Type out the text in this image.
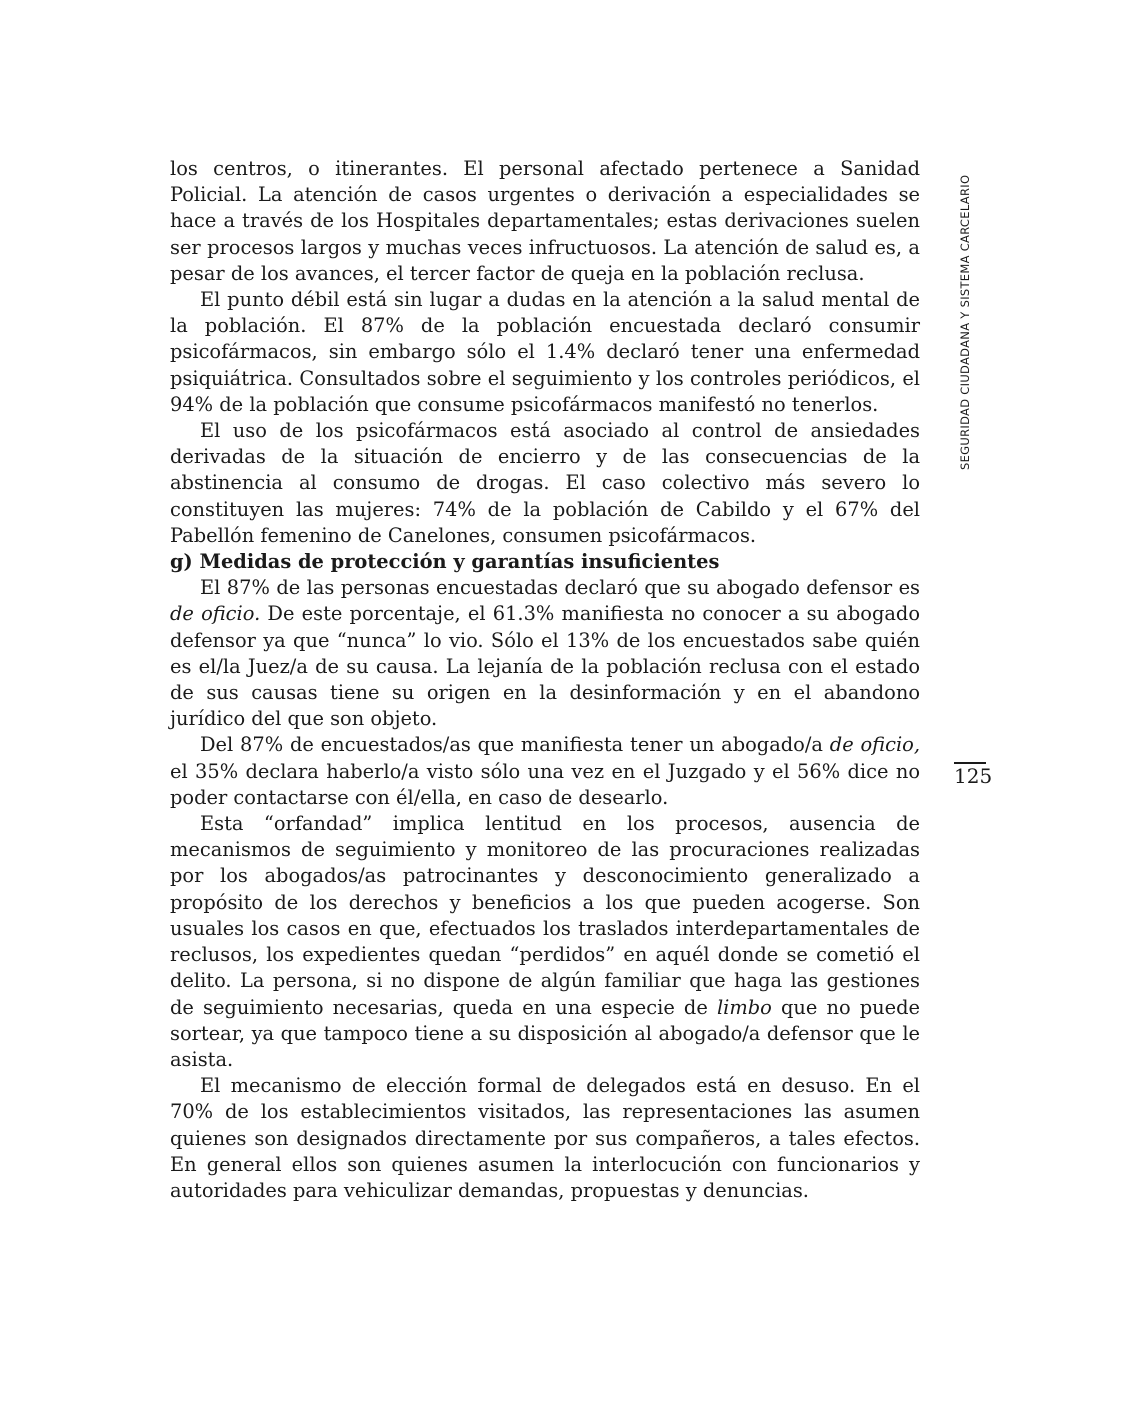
SEGURIDAD CIUDADANA Y SISTEMA CARCELARIO
125

los centros, o itinerantes. El personal afectado pertenece a Sanidad Policial. La atención de casos urgentes o derivación a especialidades se hace a través de los Hospitales departamentales; estas derivaciones suelen ser procesos largos y muchas veces infructuosos. La atención de salud es, a pesar de los avances, el tercer factor de queja en la población reclusa.

El punto débil está sin lugar a dudas en la atención a la salud mental de la población. El 87% de la población encuestada declaró consumir psicofármacos, sin embargo sólo el 1.4% declaró tener una enfermedad psiquiátrica. Consultados sobre el seguimiento y los controles periódicos, el 94% de la población que consume psicofármacos manifestó no tenerlos.

El uso de los psicofármacos está asociado al control de ansiedades derivadas de la situación de encierro y de las consecuencias de la abstinencia al consumo de drogas. El caso colectivo más severo lo constituyen las mujeres: 74% de la población de Cabildo y el 67% del Pabellón femenino de Canelones, consumen psicofármacos.

g) Medidas de protección y garantías insuficientes

El 87% de las personas encuestadas declaró que su abogado defensor es de oficio. De este porcentaje, el 61.3% manifiesta no conocer a su abogado defensor ya que “nunca” lo vio. Sólo el 13% de los encuestados sabe quién es el/la Juez/a de su causa. La lejanía de la población reclusa con el estado de sus causas tiene su origen en la desinformación y en el abandono jurídico del que son objeto.

Del 87% de encuestados/as que manifiesta tener un abogado/a de oficio, el 35% declara haberlo/a visto sólo una vez en el Juzgado y el 56% dice no poder contactarse con él/ella, en caso de desearlo.

Esta “orfandad” implica lentitud en los procesos, ausencia de mecanismos de seguimiento y monitoreo de las procuraciones realizadas por los abogados/as patrocinantes y desconocimiento generalizado a propósito de los derechos y beneficios a los que pueden acogerse. Son usuales los casos en que, efectuados los traslados interdepartamentales de reclusos, los expedientes quedan “perdidos” en aquél donde se cometió el delito. La persona, si no dispone de algún familiar que haga las gestiones de seguimiento necesarias, queda en una especie de limbo que no puede sortear, ya que tampoco tiene a su disposición al abogado/a defensor que le asista.

El mecanismo de elección formal de delegados está en desuso. En el 70% de los establecimientos visitados, las representaciones las asumen quienes son designados directamente por sus compañeros, a tales efectos. En general ellos son quienes asumen la interlocución con funcionarios y autoridades para vehiculizar demandas, propuestas y denuncias.
